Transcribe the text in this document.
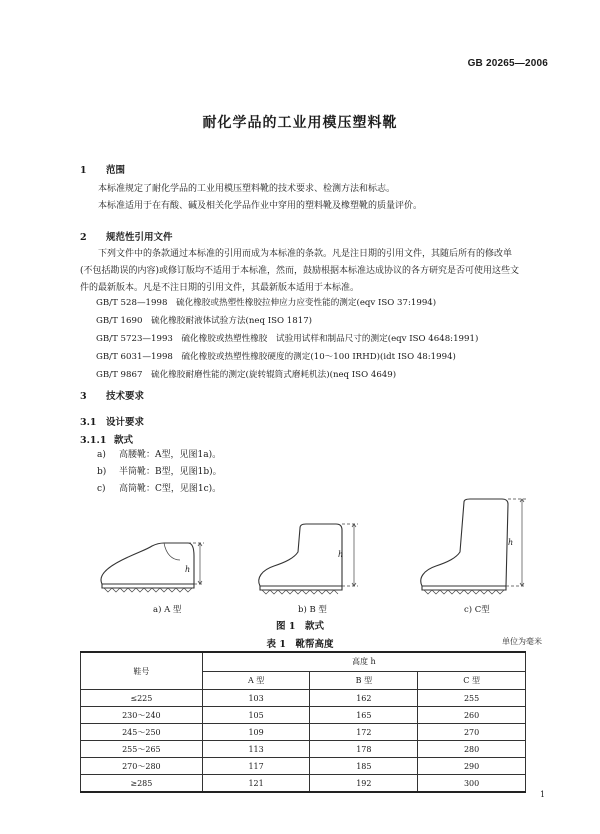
GB 20265—2006
耐化学品的工业用模压塑料靴
1 范围
本标准规定了耐化学品的工业用模压塑料靴的技术要求、检测方法和标志。
本标准适用于在有酸、碱及相关化学品作业中穿用的塑料靴及橡塑靴的质量评价。
2 规范性引用文件
下列文件中的条款通过本标准的引用而成为本标准的条款。凡是注日期的引用文件，其随后所有的修改单(不包括勘误的内容)或修订版均不适用于本标准，然而，鼓励根据本标准达成协议的各方研究是否可使用这些文件的最新版本。凡是不注日期的引用文件，其最新版本适用于本标准。
GB/T 528—1998　硫化橡胶或热塑性橡胶拉伸应力应变性能的测定(eqv ISO 37:1994)
GB/T 1690　硫化橡胶耐液体试验方法(neq ISO 1817)
GB/T 5723—1993　硫化橡胶或热塑性橡胶　试验用试样和制品尺寸的测定(eqv ISO 4648:1991)
GB/T 6031—1998　硫化橡胶或热塑性橡胶硬度的测定(10～100 IRHD)(idt ISO 48:1994)
GB/T 9867　硫化橡胶耐磨性能的测定(旋转辊筒式磨耗机法)(neq ISO 4649)
3 技术要求
3.1 设计要求
3.1.1 款式
a) 高腰靴：A型，见图1a)。
b) 半筒靴：B型，见图1b)。
c) 高筒靴：C型，见图1c)。
h
h
h
a) A 型	b) B 型	c) C型
图 1　款式
表 1　靴帮高度	单位为毫米
鞋号	高度 h		
	A 型	B 型	C 型
≤225	103	162	255
230～240	105	165	260
245～250	109	172	270
255～265	113	178	280
270～280	117	185	290
≥285	121	192	300
1
